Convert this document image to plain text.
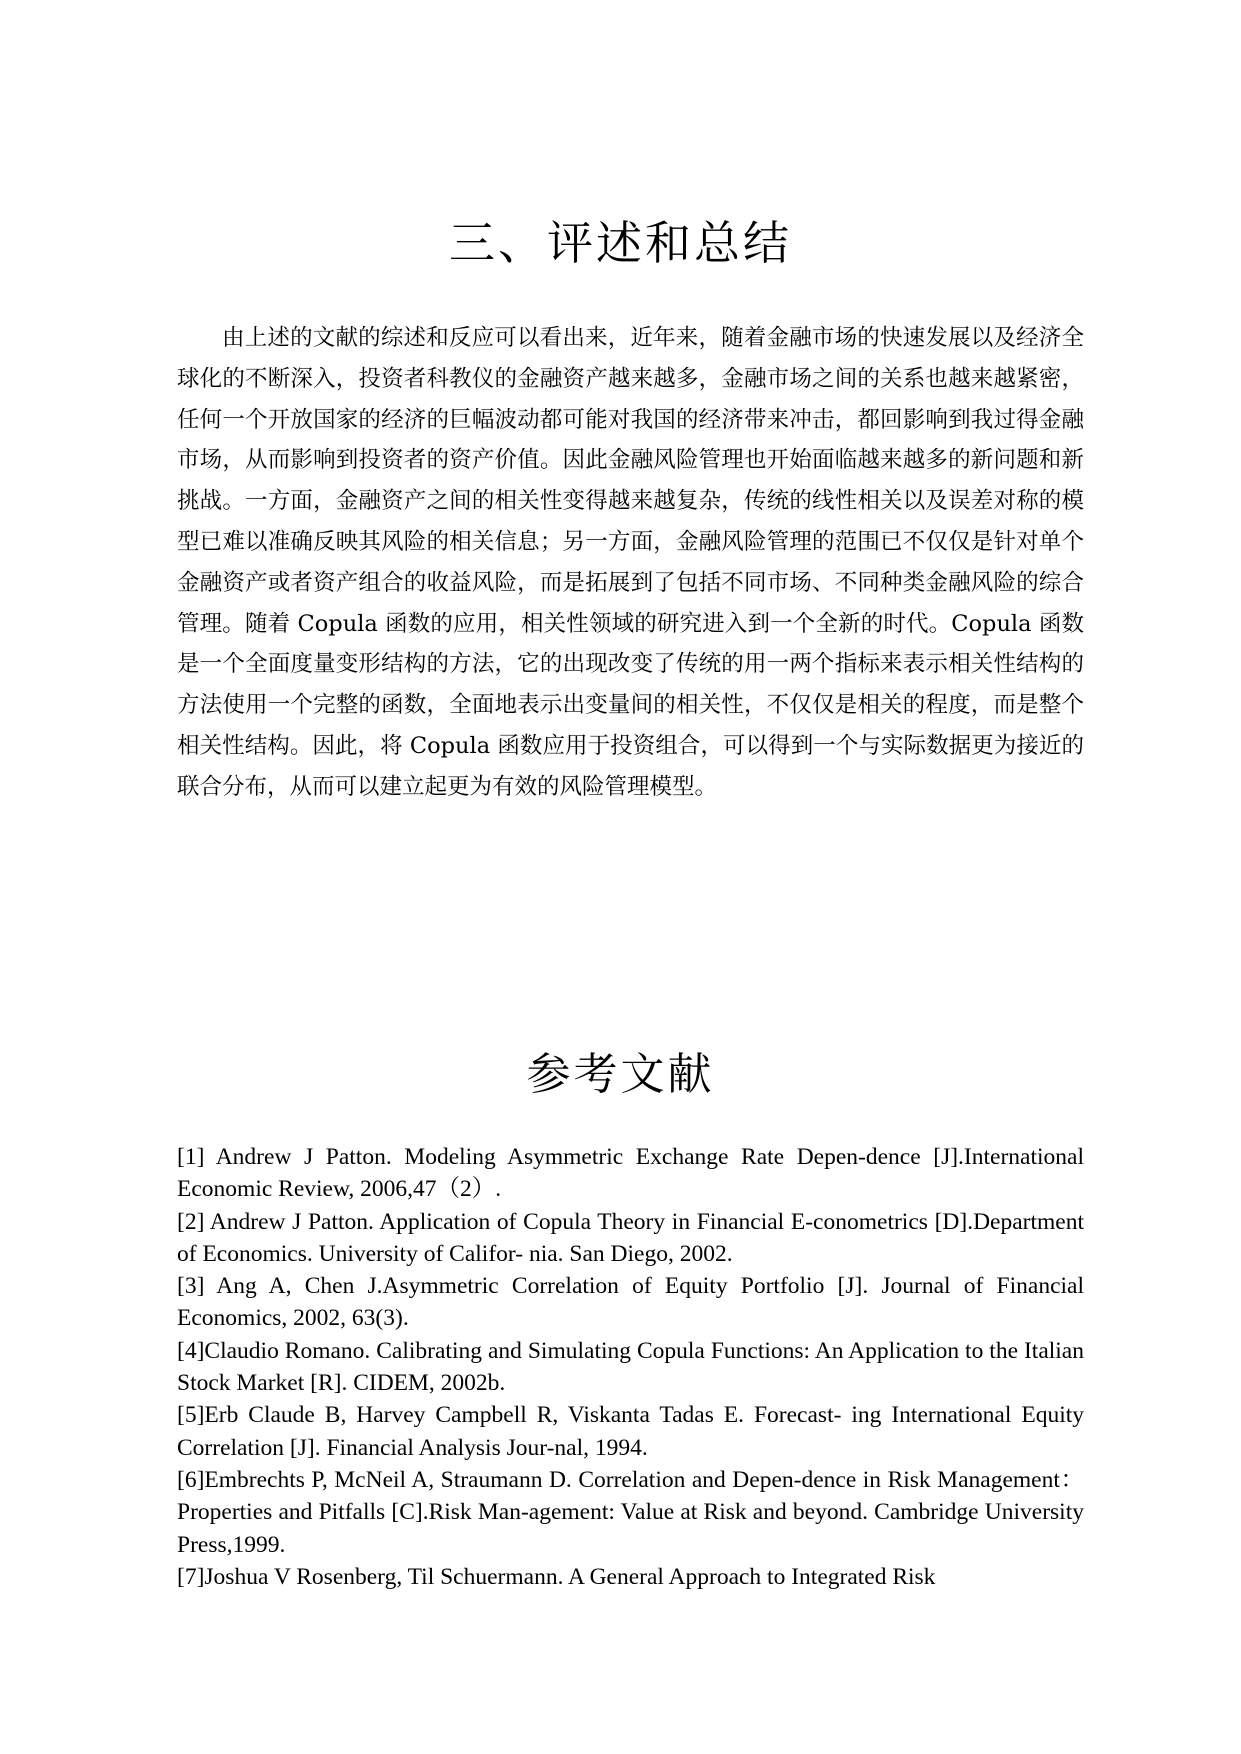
三、评述和总结

由上述的文献的综述和反应可以看出来，近年来，随着金融市场的快速发展以及经济全球化的不断深入，投资者科教仪的金融资产越来越多，金融市场之间的关系也越来越紧密，任何一个开放国家的经济的巨幅波动都可能对我国的经济带来冲击，都回影响到我过得金融市场，从而影响到投资者的资产价值。因此金融风险管理也开始面临越来越多的新问题和新挑战。一方面，金融资产之间的相关性变得越来越复杂，传统的线性相关以及误差对称的模型已难以准确反映其风险的相关信息；另一方面，金融风险管理的范围已不仅仅是针对单个金融资产或者资产组合的收益风险，而是拓展到了包括不同市场、不同种类金融风险的综合管理。随着 Copula 函数的应用，相关性领域的研究进入到一个全新的时代。Copula 函数是一个全面度量变形结构的方法，它的出现改变了传统的用一两个指标来表示相关性结构的方法使用一个完整的函数，全面地表示出变量间的相关性，不仅仅是相关的程度，而是整个相关性结构。因此，将 Copula 函数应用于投资组合，可以得到一个与实际数据更为接近的联合分布，从而可以建立起更为有效的风险管理模型。

参考文献
[1] Andrew J Patton. Modeling Asymmetric Exchange Rate Depen-dence [J].International Economic Review, 2006,47（2）.
[2] Andrew J Patton. Application of Copula Theory in Financial E-conometrics [D].Department of Economics. University of Califor- nia. San Diego, 2002.
[3] Ang A, Chen J.Asymmetric Correlation of Equity Portfolio [J]. Journal of Financial Economics, 2002, 63(3).
[4]Claudio Romano. Calibrating and Simulating Copula Functions: An Application to the Italian Stock Market [R]. CIDEM, 2002b.
[5]Erb Claude B, Harvey Campbell R, Viskanta Tadas E. Forecast- ing International Equity Correlation [J]. Financial Analysis Jour-nal, 1994.
[6]Embrechts P, McNeil A, Straumann D. Correlation and Depen-dence in Risk Management：Properties and Pitfalls [C].Risk Man-agement: Value at Risk and beyond. Cambridge University Press,1999.
[7]Joshua V Rosenberg, Til Schuermann. A General Approach to Integrated Risk
